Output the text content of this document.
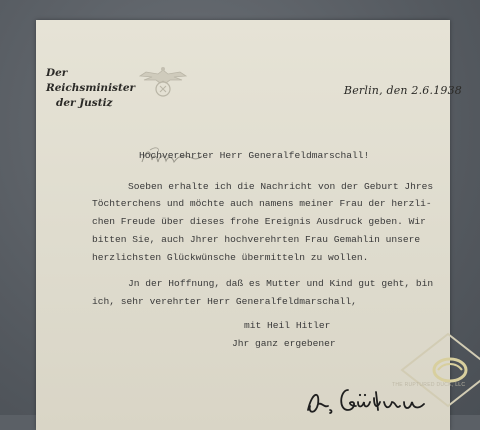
Der Reichsminister
der Justiz
Berlin, den 2.6.1938
Hochverehrter Herr Generalfeldmarschall!
Soeben erhalte ich die Nachricht von der Geburt Jhres
Töchterchens und möchte auch namens meiner Frau der herzli-
chen Freude über dieses frohe Ereignis Ausdruck geben. Wir
bitten Sie, auch Jhrer hochverehrten Frau Gemahlin unsere
herzlichsten Glückwünsche übermitteln zu wollen.
Jn der Hoffnung, daß es Mutter und Kind gut geht, bin
ich, sehr verehrter Herr Generalfeldmarschall,
mit Heil Hitler
Jhr ganz ergebener
THE RUPTURED DUCK, LLC
